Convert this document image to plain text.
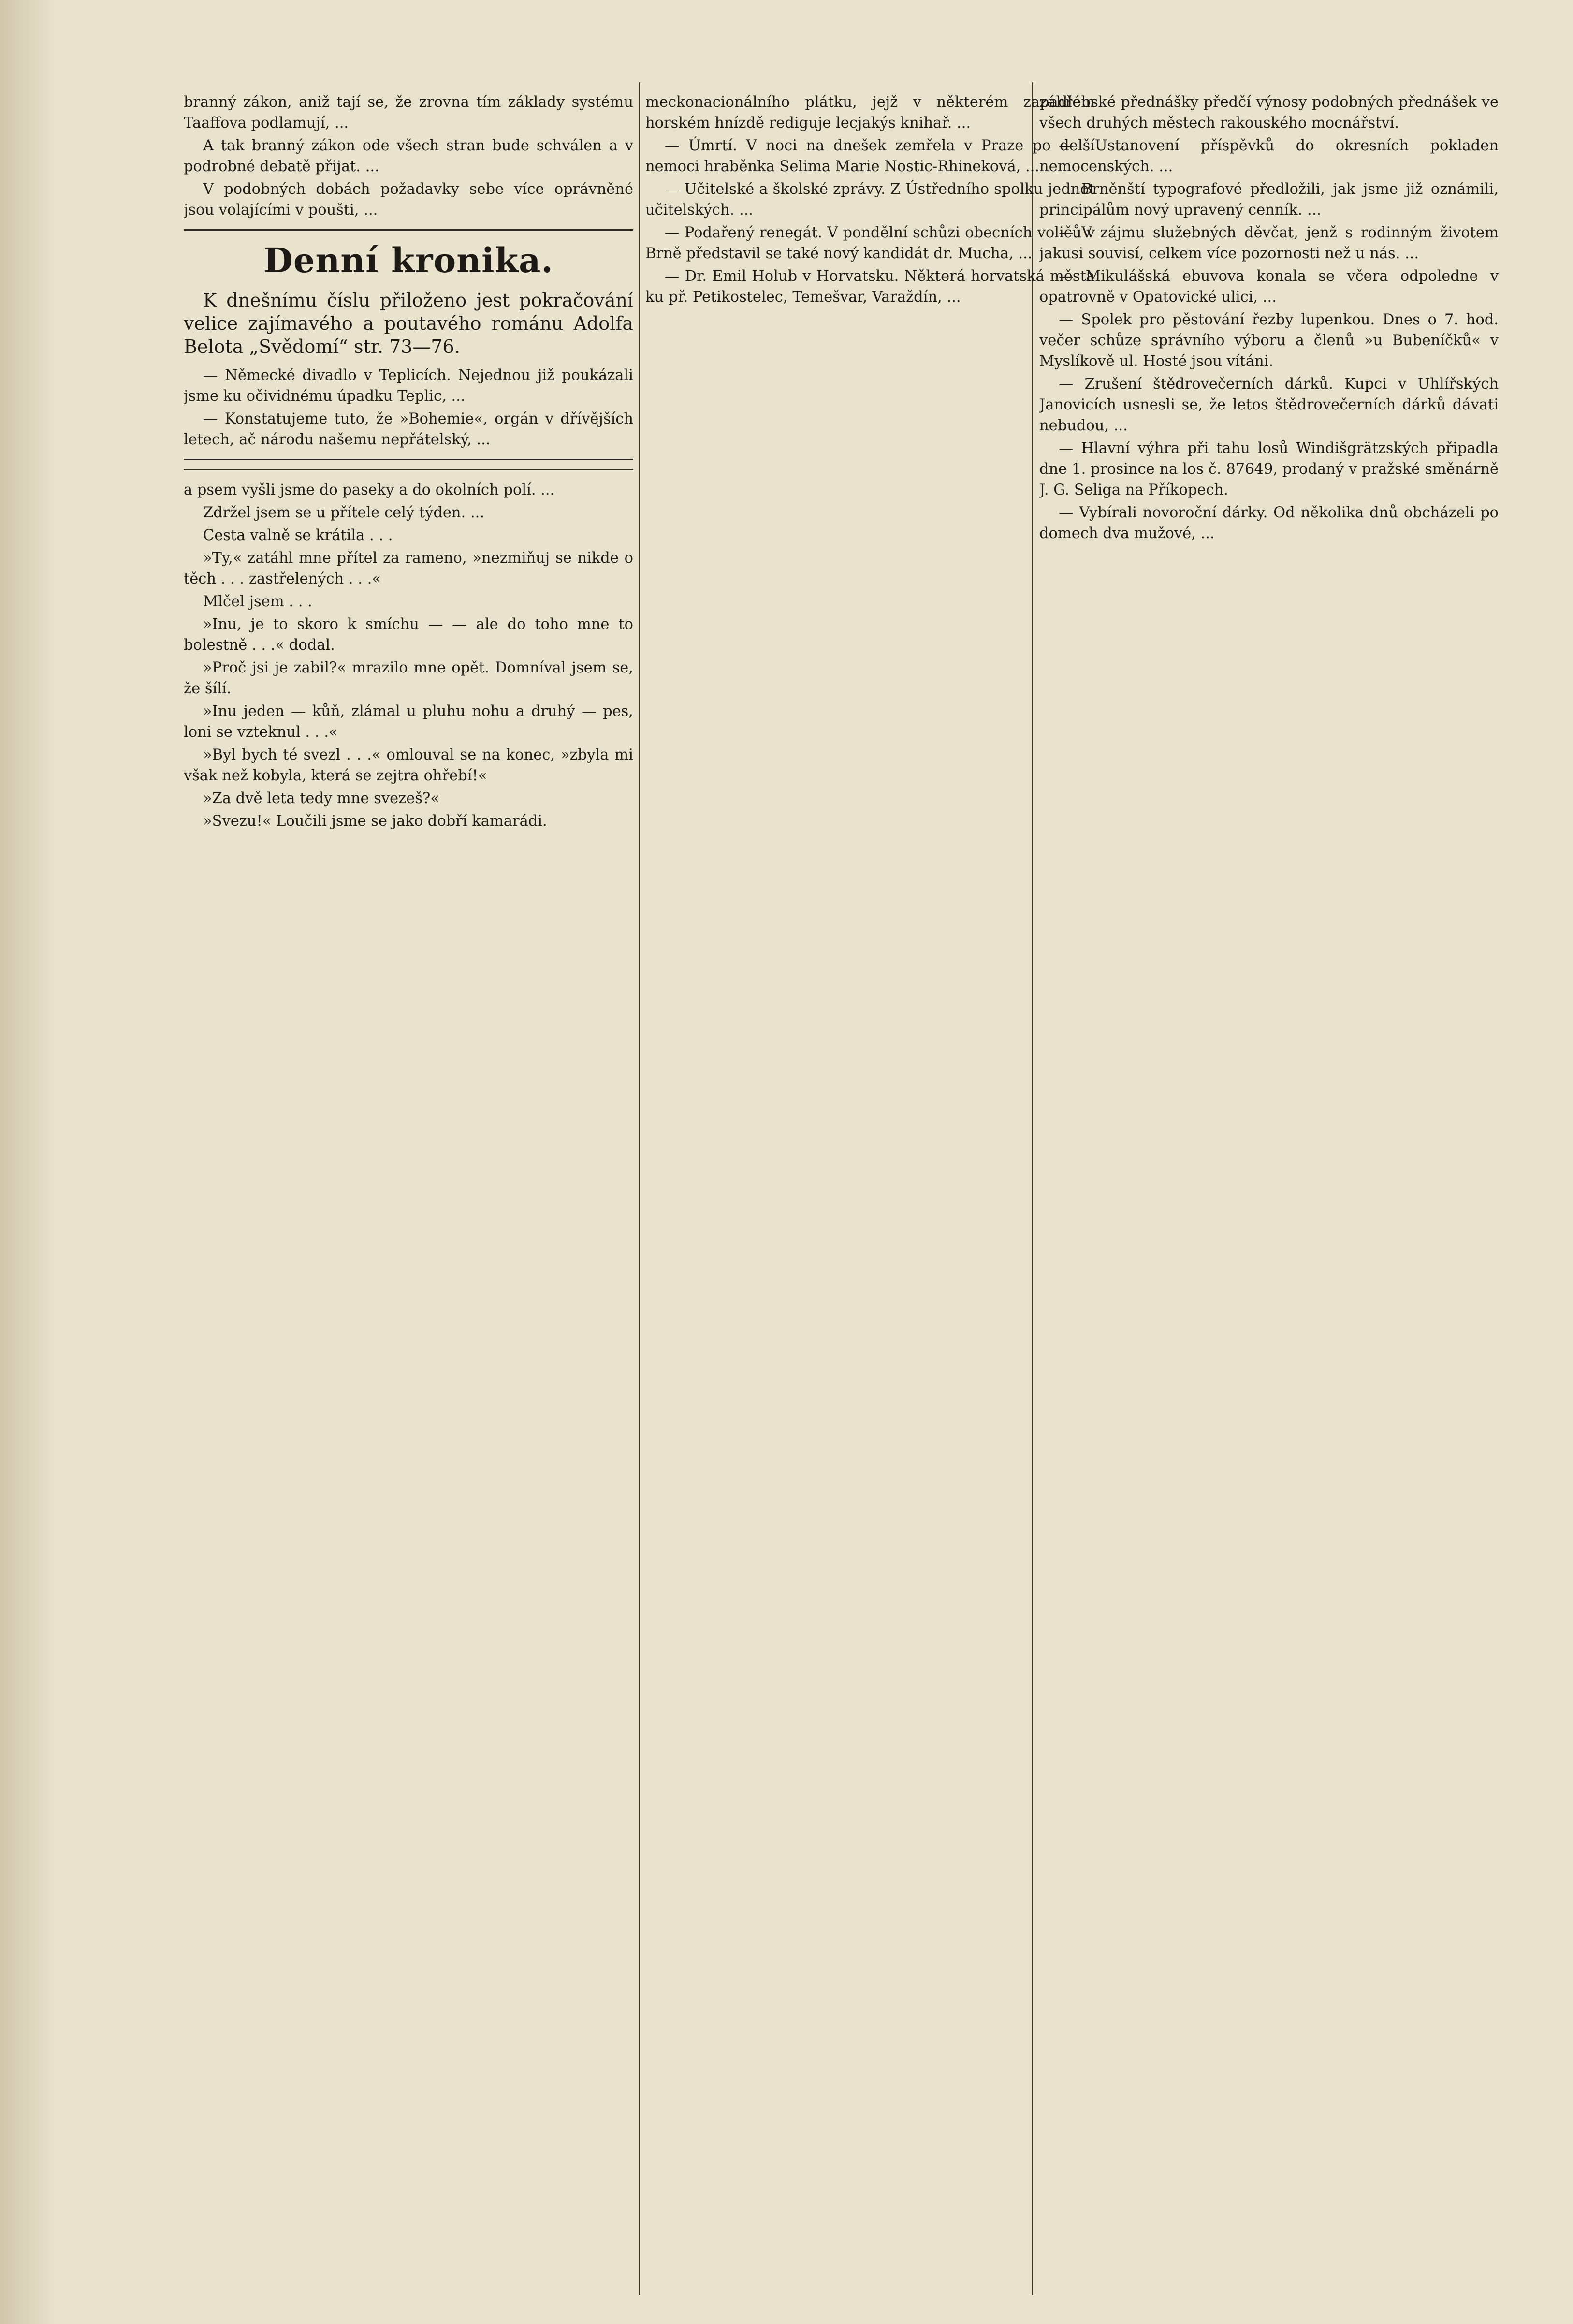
branný zákon, aniž tají se, že zrovna tím základy systému Taaffova podlamují, ...

A tak branný zákon ode všech stran bude schválen a v podrobné debatě přijat. ...

V podobných dobách požadavky sebe více oprávněné jsou volajícími v poušti, ...

Denní kronika.
K dnešnímu číslu přiloženo jest pokračování velice zajímavého a poutavého románu Adolfa Belota „Svědomí“ str. 73—76.

— Německé divadlo v Teplicích. Nejednou již poukázali jsme ku očividnému úpadku Teplic, ...

— Konstatujeme tuto, že »Bohemie«, orgán v dřívějších letech, ač národu našemu nepřátelský, ...

a psem vyšli jsme do paseky a do okolních polí. ...

Zdržel jsem se u přítele celý týden. ...

Cesta valně se krátila . . .

»Ty,« zatáhl mne přítel za rameno, »nezmiňuj se nikde o těch . . . zastřelených . . .«

Mlčel jsem . . .

»Inu, je to skoro k smíchu — — ale do toho mne to bolestně . . .« dodal.

»Proč jsi je zabil?« mrazilo mne opět. Domníval jsem se, že šílí.

»Inu jeden — kůň, zlámal u pluhu nohu a druhý — pes, loni se vzteknul . . .«

»Byl bych té svezl . . .« omlouval se na konec, »zbyla mi však než kobyla, která se zejtra ohřebí!«

»Za dvě leta tedy mne svezeš?«

»Svezu!« Loučili jsme se jako dobří kamarádi.

meckonacionálního plátku, jejž v některém zapadlém horském hnízdě rediguje lecjakýs knihař. ...

— Úmrtí. V noci na dnešek zemřela v Praze po delší nemoci hraběnka Selima Marie Nostic-Rhineková, ...

— Učitelské a školské zprávy. Z Ústředního spolku jednot učitelských. ...

— Podařený renegát. V pondělní schůzi obecních voličů v Brně představil se také nový kandidát dr. Mucha, ...

— Dr. Emil Holub v Horvatsku. Některá horvatská města ku př. Petikostelec, Temešvar, Varaždín, ...

záhřebské přednášky předčí výnosy podobných přednášek ve všech druhých městech rakouského mocnářství.

— Ustanovení příspěvků do okresních pokladen nemocenských. ...

— Brněnští typografové předložili, jak jsme již oznámili, principálům nový upravený cenník. ...

— V zájmu služebných děvčat, jenž s rodinným životem jakusi souvisí, celkem více pozornosti než u nás. ...

— Mikulášská ebuvova konala se včera odpoledne v opatrovně v Opatovické ulici, ...

— Spolek pro pěstování řezby lupenkou. Dnes o 7. hod. večer schůze správního výboru a členů »u Bubeníčků« v Myslíkově ul. Hosté jsou vítáni.

— Zrušení štědrovečerních dárků. Kupci v Uhlířských Janovicích usnesli se, že letos štědrovečerních dárků dávati nebudou, ...

— Hlavní výhra při tahu losů Windišgrätzských připadla dne 1. prosince na los č. 87649, prodaný v pražské směnárně J. G. Seliga na Příkopech.

— Vybírali novoroční dárky. Od několika dnů obcházeli po domech dva mužové, ...
